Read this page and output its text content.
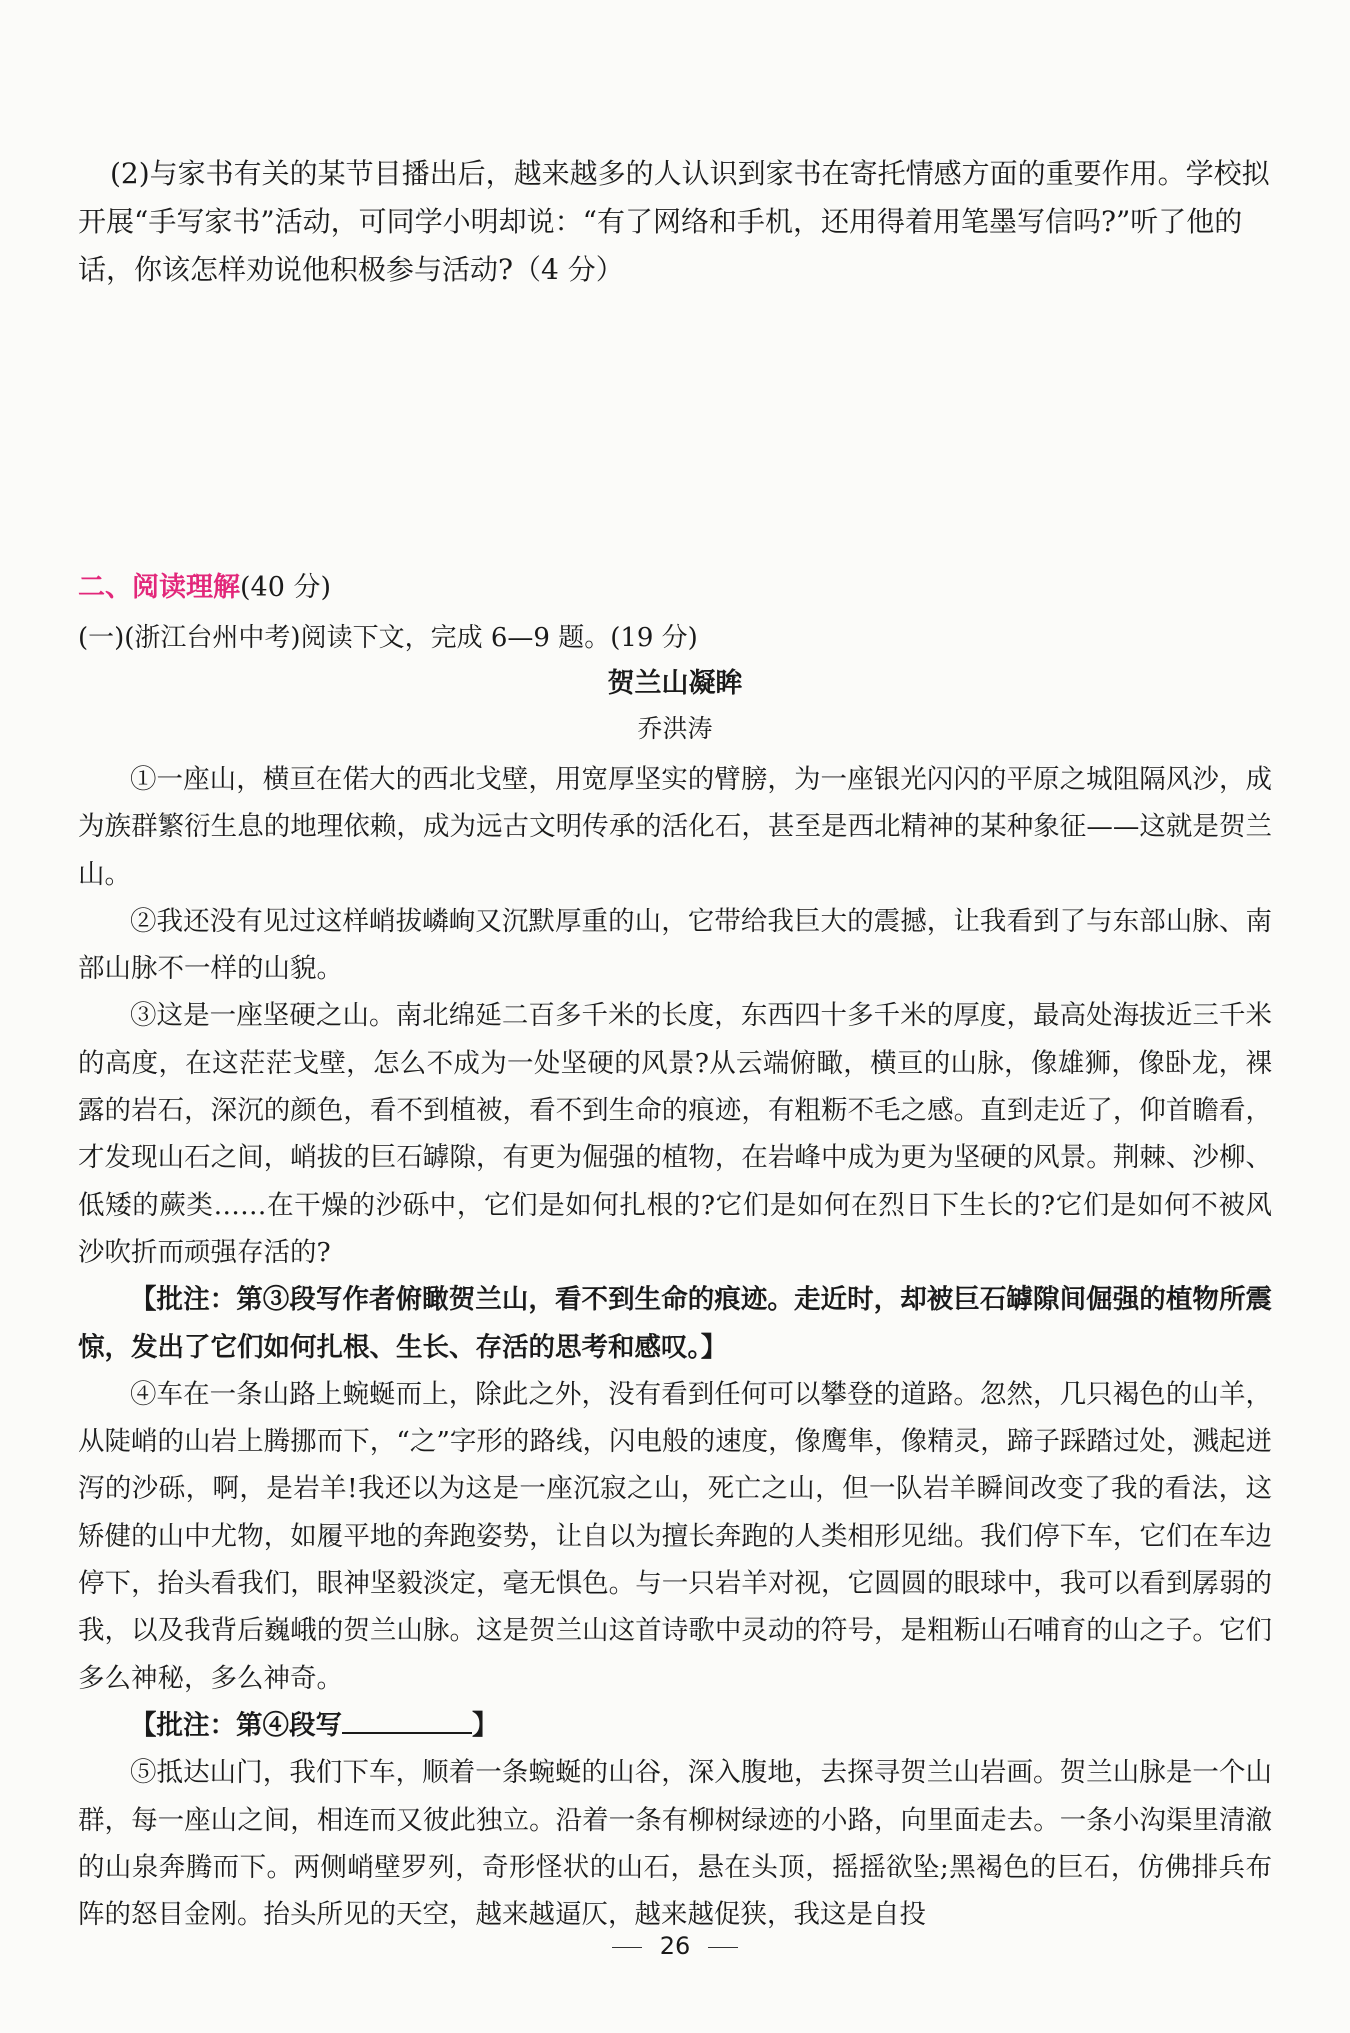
(2)与家书有关的某节目播出后，越来越多的人认识到家书在寄托情感方面的重要作用。学校拟开展“手写家书”活动，可同学小明却说：“有了网络和手机，还用得着用笔墨写信吗?”听了他的话，你该怎样劝说他积极参与活动?（4 分）

二、阅读理解(40 分)
(一)(浙江台州中考)阅读下文，完成 6—9 题。(19 分)
贺兰山凝眸
乔洪涛

①一座山，横亘在偌大的西北戈壁，用宽厚坚实的臂膀，为一座银光闪闪的平原之城阻隔风沙，成为族群繁衍生息的地理依赖，成为远古文明传承的活化石，甚至是西北精神的某种象征——这就是贺兰山。

②我还没有见过这样峭拔嶙峋又沉默厚重的山，它带给我巨大的震撼，让我看到了与东部山脉、南部山脉不一样的山貌。

③这是一座坚硬之山。南北绵延二百多千米的长度，东西四十多千米的厚度，最高处海拔近三千米的高度，在这茫茫戈壁，怎么不成为一处坚硬的风景?从云端俯瞰，横亘的山脉，像雄狮，像卧龙，裸露的岩石，深沉的颜色，看不到植被，看不到生命的痕迹，有粗粝不毛之感。直到走近了，仰首瞻看，才发现山石之间，峭拔的巨石罅隙，有更为倔强的植物，在岩峰中成为更为坚硬的风景。荆棘、沙柳、低矮的蕨类……在干燥的沙砾中，它们是如何扎根的?它们是如何在烈日下生长的?它们是如何不被风沙吹折而顽强存活的?

【批注：第③段写作者俯瞰贺兰山，看不到生命的痕迹。走近时，却被巨石罅隙间倔强的植物所震惊，发出了它们如何扎根、生长、存活的思考和感叹。】

④车在一条山路上蜿蜒而上，除此之外，没有看到任何可以攀登的道路。忽然，几只褐色的山羊，从陡峭的山岩上腾挪而下，“之”字形的路线，闪电般的速度，像鹰隼，像精灵，蹄子踩踏过处，溅起迸泻的沙砾，啊，是岩羊!我还以为这是一座沉寂之山，死亡之山，但一队岩羊瞬间改变了我的看法，这矫健的山中尤物，如履平地的奔跑姿势，让自以为擅长奔跑的人类相形见绌。我们停下车，它们在车边停下，抬头看我们，眼神坚毅淡定，毫无惧色。与一只岩羊对视，它圆圆的眼球中，我可以看到孱弱的我，以及我背后巍峨的贺兰山脉。这是贺兰山这首诗歌中灵动的符号，是粗粝山石哺育的山之子。它们多么神秘，多么神奇。

【批注：第④段写	】

⑤抵达山门，我们下车，顺着一条蜿蜒的山谷，深入腹地，去探寻贺兰山岩画。贺兰山脉是一个山群，每一座山之间，相连而又彼此独立。沿着一条有柳树绿迹的小路，向里面走去。一条小沟渠里清澈的山泉奔腾而下。两侧峭壁罗列，奇形怪状的山石，悬在头顶，摇摇欲坠;黑褐色的巨石，仿佛排兵布阵的怒目金刚。抬头所见的天空，越来越逼仄，越来越促狭，我这是自投

26
